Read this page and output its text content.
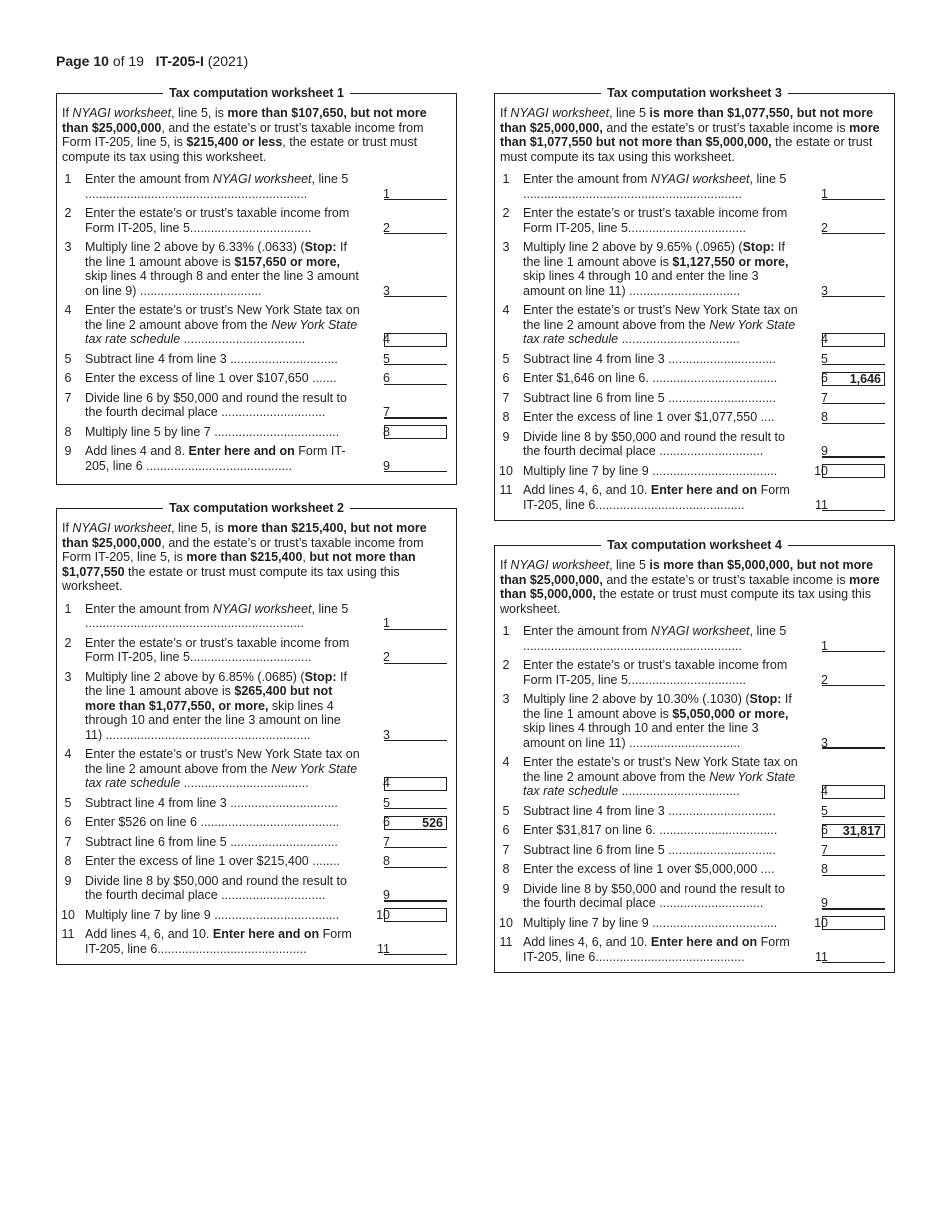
Page 10 of 19 IT-205-I (2021)
Tax computation worksheet 1
If NYAGI worksheet, line 5, is more than $107,650, but not more than $25,000,000, and the estate’s or trust’s taxable income from Form IT-205, line 5, is $215,400 or less, the estate or trust must compute its tax using this worksheet.
1	Enter the amount from NYAGI worksheet, line 5 ................................................................	1
2	Enter the estate’s or trust’s taxable income from Form IT-205, line 5...................................	2
3	Multiply line 2 above by 6.33% (.0633) (Stop: If the line 1 amount above is $157,650 or more, skip lines 4 through 8 and enter the line 3 amount on line 9) ...................................	3
4	Enter the estate’s or trust’s New York State tax on the line 2 amount above from the New York State tax rate schedule ...................................	4
5	Subtract line 4 from line 3 ...............................	5
6	Enter the excess of line 1 over $107,650 .......	6
7	Divide line 6 by $50,000 and round the result to the fourth decimal place ..............................	7
8	Multiply line 5 by line 7 ....................................	8
9	Add lines 4 and 8. Enter here and on Form IT-205, line 6 ..........................................	9
Tax computation worksheet 2
If NYAGI worksheet, line 5, is more than $215,400, but not more than $25,000,000, and the estate’s or trust’s taxable income from Form IT-205, line 5, is more than $215,400, but not more than $1,077,550 the estate or trust must compute its tax using this worksheet.
1	Enter the amount from NYAGI worksheet, line 5 ...............................................................	1
2	Enter the estate’s or trust’s taxable income from Form IT-205, line 5...................................	2
3	Multiply line 2 above by 6.85% (.0685) (Stop: If the line 1 amount above is $265,400 but not more than $1,077,550, or more, skip lines 4 through 10 and enter the line 3 amount on line 11) ...........................................................	3
4	Enter the estate’s or trust’s New York State tax on the line 2 amount above from the New York State tax rate schedule ....................................	4
5	Subtract line 4 from line 3 ...............................	5
6	Enter $526 on line 6 ........................................	6	526
7	Subtract line 6 from line 5 ...............................	7
8	Enter the excess of line 1 over $215,400 ........	8
9	Divide line 8 by $50,000 and round the result to the fourth decimal place ..............................	9
10 Multiply line 7 by line 9 ....................................	10
11 Add lines 4, 6, and 10. Enter here and on Form IT-205, line 6...........................................	11
Tax computation worksheet 3
If NYAGI worksheet, line 5 is more than $1,077,550, but not more than $25,000,000, and the estate’s or trust’s taxable income is more than $1,077,550 but not more than $5,000,000, the estate or trust must compute its tax using this worksheet.
1	Enter the amount from NYAGI worksheet, line 5 ...............................................................	1
2	Enter the estate’s or trust’s taxable income from Form IT-205, line 5..................................	2
3	Multiply line 2 above by 9.65% (.0965) (Stop: If the line 1 amount above is $1,127,550 or more, skip lines 4 through 10 and enter the line 3 amount on line 11) ................................	3
4	Enter the estate’s or trust’s New York State tax on the line 2 amount above from the New York State tax rate schedule ..................................	4
5	Subtract line 4 from line 3 ...............................	5
6	Enter $1,646 on line 6. ....................................	6	1,646
7	Subtract line 6 from line 5 ...............................	7
8	Enter the excess of line 1 over $1,077,550 ....	8
9	Divide line 8 by $50,000 and round the result to the fourth decimal place ..............................	9
10 Multiply line 7 by line 9 ....................................	10
11 Add lines 4, 6, and 10. Enter here and on Form IT-205, line 6...........................................	11
Tax computation worksheet 4
If NYAGI worksheet, line 5 is more than $5,000,000, but not more than $25,000,000, and the estate’s or trust’s taxable income is more than $5,000,000, the estate or trust must compute its tax using this worksheet.
1	Enter the amount from NYAGI worksheet, line 5 ...............................................................	1
2	Enter the estate’s or trust’s taxable income from Form IT-205, line 5..................................	2
3	Multiply line 2 above by 10.30% (.1030) (Stop: If the line 1 amount above is $5,050,000 or more, skip lines 4 through 10 and enter the line 3 amount on line 11) ................................	3
4	Enter the estate’s or trust’s New York State tax on the line 2 amount above from the New York State tax rate schedule ..................................	4
5	Subtract line 4 from line 3 ...............................	5
6	Enter $31,817 on line 6. ..................................	6	31,817
7	Subtract line 6 from line 5 ...............................	7
8	Enter the excess of line 1 over $5,000,000 ....	8
9	Divide line 8 by $50,000 and round the result to the fourth decimal place ..............................	9
10 Multiply line 7 by line 9 ....................................	10
11 Add lines 4, 6, and 10. Enter here and on Form IT-205, line 6...........................................	11
